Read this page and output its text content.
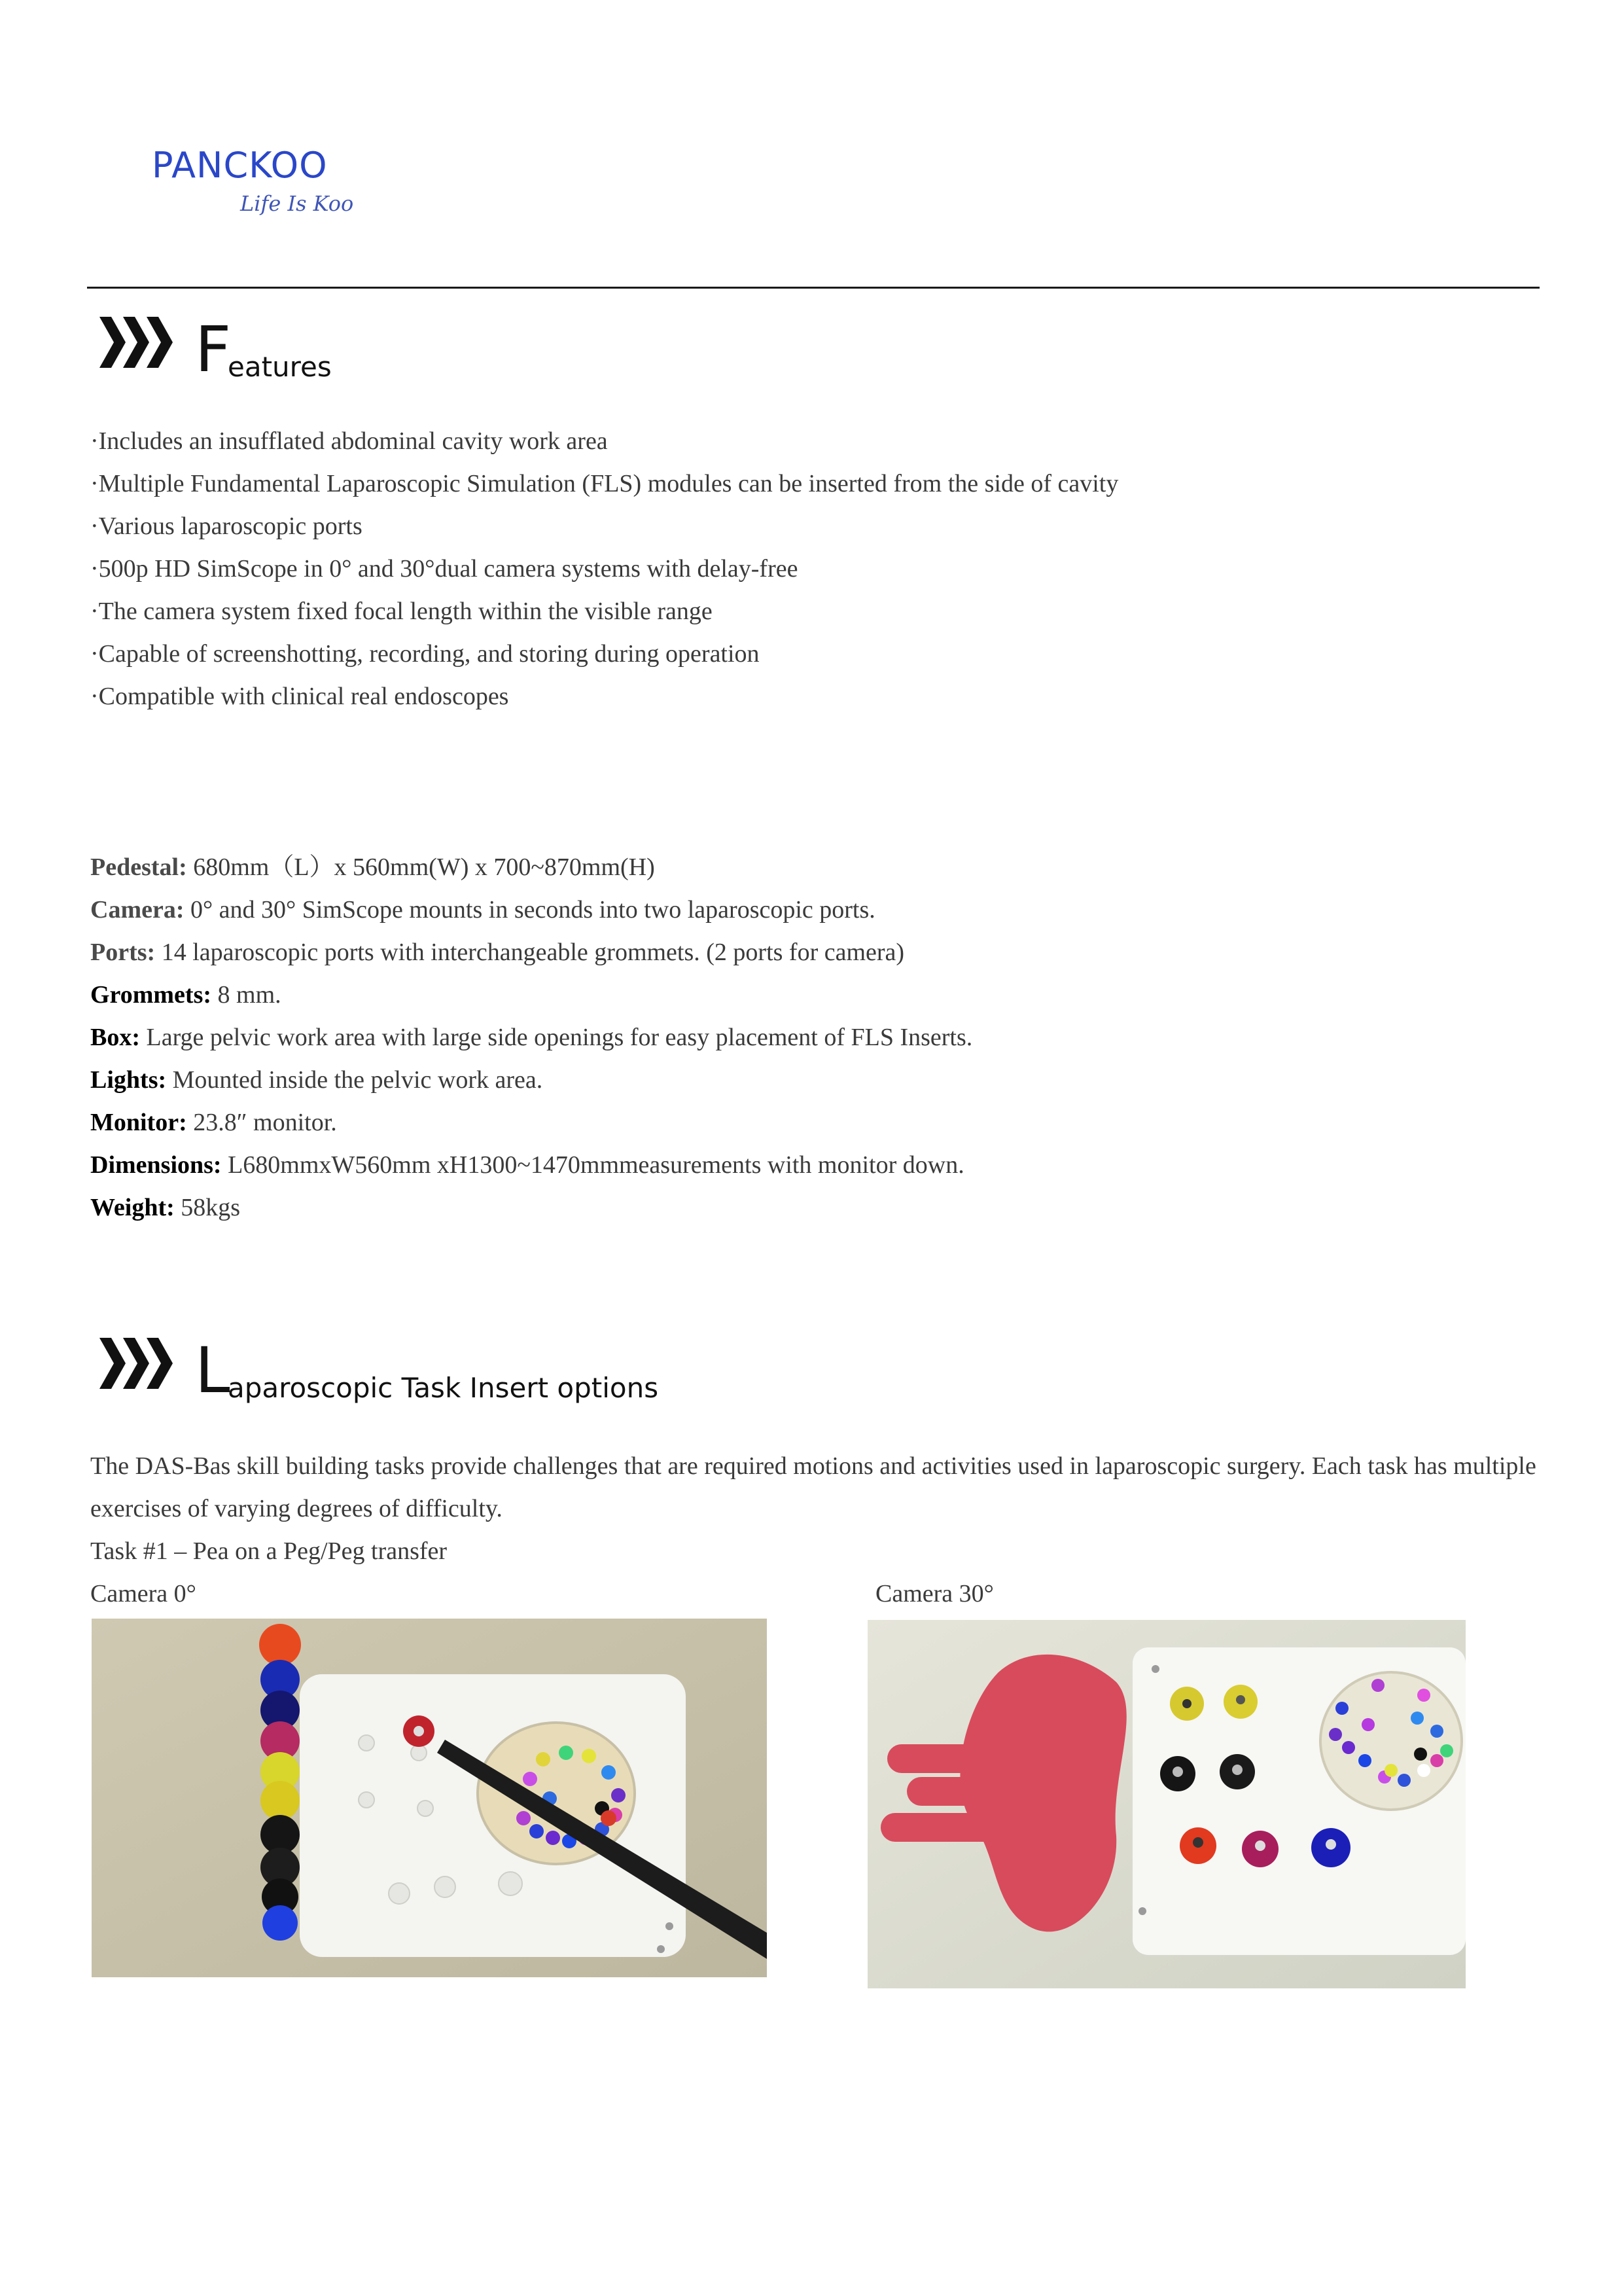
PANCKOO
Life Is Koo
F
eatures
·Includes an insufflated abdominal cavity work area
·Multiple Fundamental Laparoscopic Simulation (FLS) modules can be inserted from the side of cavity
·Various laparoscopic ports
·500p HD SimScope in 0° and 30°dual camera systems with delay-free
·The camera system fixed focal length within the visible range
·Capable of screenshotting, recording, and storing during operation
·Compatible with clinical real endoscopes
Pedestal: 680mm（L）x 560mm(W) x 700~870mm(H)
Camera: 0° and 30° SimScope mounts in seconds into two laparoscopic ports.
Ports: 14 laparoscopic ports with interchangeable grommets. (2 ports for camera)
Grommets: 8 mm.
Box: Large pelvic work area with large side openings for easy placement of FLS Inserts.
Lights: Mounted inside the pelvic work area.
Monitor: 23.8″ monitor.
Dimensions: L680mmxW560mm xH1300~1470mmmeasurements with monitor down.
Weight: 58kgs
L
aparoscopic Task Insert options
The DAS-Bas skill building tasks provide challenges that are required motions and activities used in laparoscopic surgery. Each task has multiple exercises of varying degrees of difficulty.
Task #1 – Pea on a Peg/Peg transfer
Camera 0°	Camera 30°
